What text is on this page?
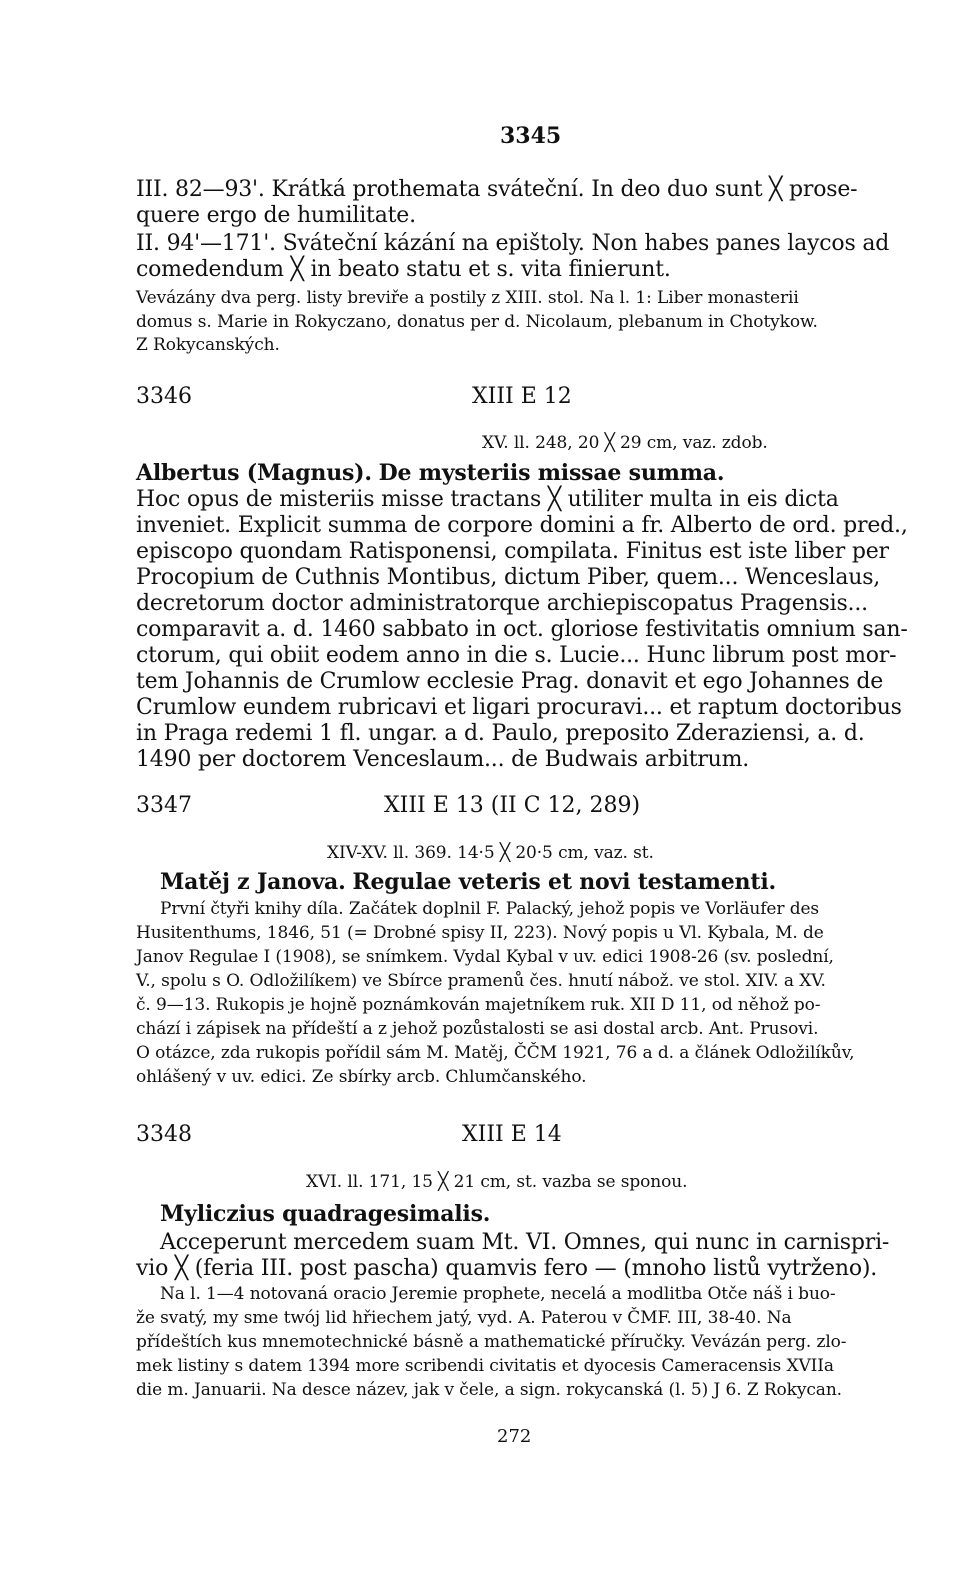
3345
III. 82—93'. Krátká prothemata sváteční. In deo duo sunt ╳ prose-
quere ergo de humilitate.
II. 94'—171'. Sváteční kázání na epištoly. Non habes panes laycos ad
comedendum ╳ in beato statu et s. vita finierunt.
Vevázány dva perg. listy breviře a postily z XIII. stol. Na l. 1: Liber monasterii
domus s. Marie in Rokyczano, donatus per d. Nicolaum, plebanum in Chotykow.
Z Rokycanských.
3346	XIII E 12
XV. ll. 248, 20 ╳ 29 cm, vaz. zdob.
Albertus (Magnus). De mysteriis missae summa.
Hoc opus de misteriis misse tractans ╳ utiliter multa in eis dicta
inveniet. Explicit summa de corpore domini a fr. Alberto de ord. pred.,
episcopo quondam Ratisponensi, compilata. Finitus est iste liber per
Procopium de Cuthnis Montibus, dictum Piber, quem... Wenceslaus,
decretorum doctor administratorque archiepiscopatus Pragensis...
comparavit a. d. 1460 sabbato in oct. gloriose festivitatis omnium san-
ctorum, qui obiit eodem anno in die s. Lucie... Hunc librum post mor-
tem Johannis de Crumlow ecclesie Prag. donavit et ego Johannes de
Crumlow eundem rubricavi et ligari procuravi... et raptum doctoribus
in Praga redemi 1 fl. ungar. a d. Paulo, preposito Zderaziensi, a. d.
1490 per doctorem Venceslaum... de Budwais arbitrum.
3347	XIII E 13 (II C 12, 289)
XIV-XV. ll. 369. 14·5 ╳ 20·5 cm, vaz. st.
Matěj z Janova. Regulae veteris et novi testamenti.
První čtyři knihy díla. Začátek doplnil F. Palacký, jehož popis ve Vorläufer des
Husitenthums, 1846, 51 (= Drobné spisy II, 223). Nový popis u Vl. Kybala, M. de
Janov Regulae I (1908), se snímkem. Vydal Kybal v uv. edici 1908-26 (sv. poslední,
V., spolu s O. Odložilíkem) ve Sbírce pramenů čes. hnutí nábož. ve stol. XIV. a XV.
č. 9—13. Rukopis je hojně poznámkován majetníkem ruk. XII D 11, od něhož po-
chází i zápisek na přídeští a z jehož pozůstalosti se asi dostal arcb. Ant. Prusovi.
O otázce, zda rukopis pořídil sám M. Matěj, ČČM 1921, 76 a d. a článek Odložilíkův,
ohlášený v uv. edici. Ze sbírky arcb. Chlumčanského.
3348	XIII E 14
XVI. ll. 171, 15 ╳ 21 cm, st. vazba se sponou.
Myliczius quadragesimalis.
Acceperunt mercedem suam Mt. VI. Omnes, qui nunc in carnispri-
vio ╳ (feria III. post pascha) quamvis fero — (mnoho listů vytrženo).
Na l. 1—4 notovaná oracio Jeremie prophete, necelá a modlitba Otče náš i buo-
že svatý, my sme twój lid hřiechem jatý, vyd. A. Paterou v ČMF. III, 38-40. Na
přídeštích kus mnemotechnické básně a mathematické příručky. Vevázán perg. zlo-
mek listiny s datem 1394 more scribendi civitatis et dyocesis Cameracensis XVIIa
die m. Januarii. Na desce název, jak v čele, a sign. rokycanská (l. 5) J 6. Z Rokycan.
272
